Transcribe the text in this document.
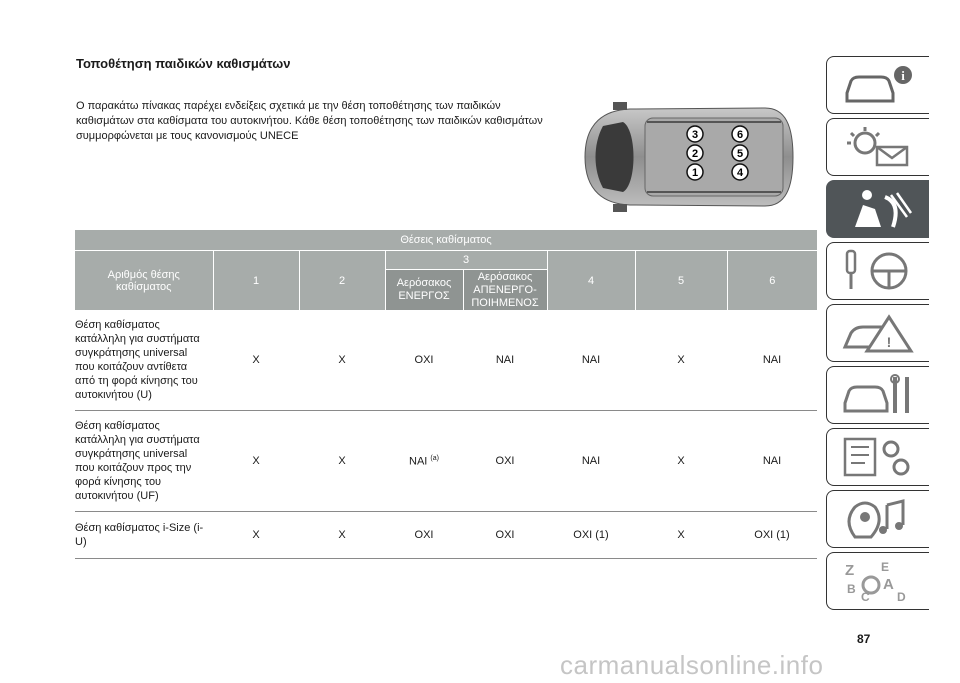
Τοποθέτηση παιδικών καθισμάτων
Ο παρακάτω πίνακας παρέχει ενδείξεις σχετικά με την θέση τοποθέτησης των παιδικών καθισμάτων στα καθίσματα του αυτοκινήτου. Κάθε θέση τοποθέτησης των παιδικών καθισμάτων συμμορφώνεται με τους κανονισμούς UNECE	3	6
2	5
1	4
Θέσεις καθίσματος							
Αριθμός θέσης καθίσματος	1	2	3		4	5	6
			Αερόσακος ΕΝΕΡΓΟΣ	Αερόσακος ΑΠΕΝΕΡΓΟ-ΠΟΙΗΜΕΝΟΣ			
Θέση καθίσματος κατάλληλη για συστήματα συγκράτησης universal που κοιτάζουν αντίθετα από τη φορά κίνησης του αυτοκινήτου (U)	X	X	ΟΧΙ	ΝΑΙ	ΝΑΙ	X	ΝΑΙ
Θέση καθίσματος κατάλληλη για συστήματα συγκράτησης universal που κοιτάζουν προς την φορά κίνησης του αυτοκινήτου (UF)	X	X	ΝΑΙ $^{(a)}$	ΟΧΙ	ΝΑΙ	X	ΝΑΙ
Θέση καθίσματος i-Size (i-U)	X	X	ΟΧΙ	ΟΧΙ	ΟΧΙ (1)	X	ΟΧΙ (1)
i
!
Z E
B A
C D
87
carmanualsonline.info
